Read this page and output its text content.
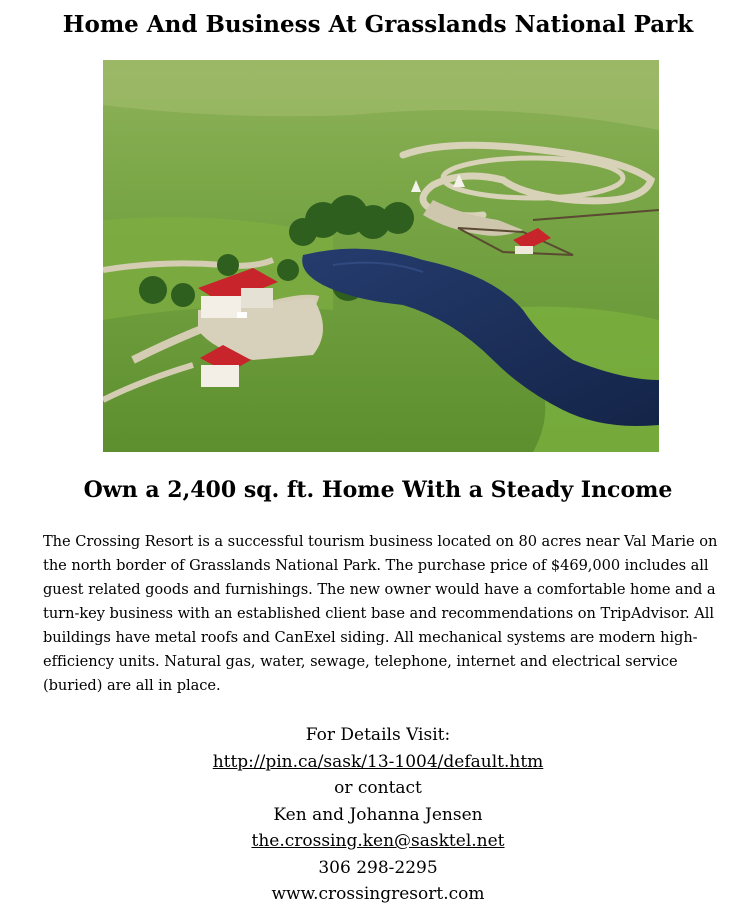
Home And Business At Grasslands National Park
Own a 2,400 sq. ft. Home With a Steady Income

The Crossing Resort is a successful tourism business located on 80 acres near Val Marie on the north border of Grasslands National Park. The purchase price of $469,000 includes all guest related goods and furnishings. The new owner would have a comfortable home and a turn-key business with an established client base and recommendations on TripAdvisor. All buildings have metal roofs and CanExel siding. All mechanical systems are modern high-efficiency units. Natural gas, water, sewage, telephone, internet and electrical service (buried) are all in place.

For Details Visit:
http://pin.ca/sask/13-1004/default.htm
or contact
Ken and Johanna Jensen
the.crossing.ken@sasktel.net
306 298-2295
www.crossingresort.com
